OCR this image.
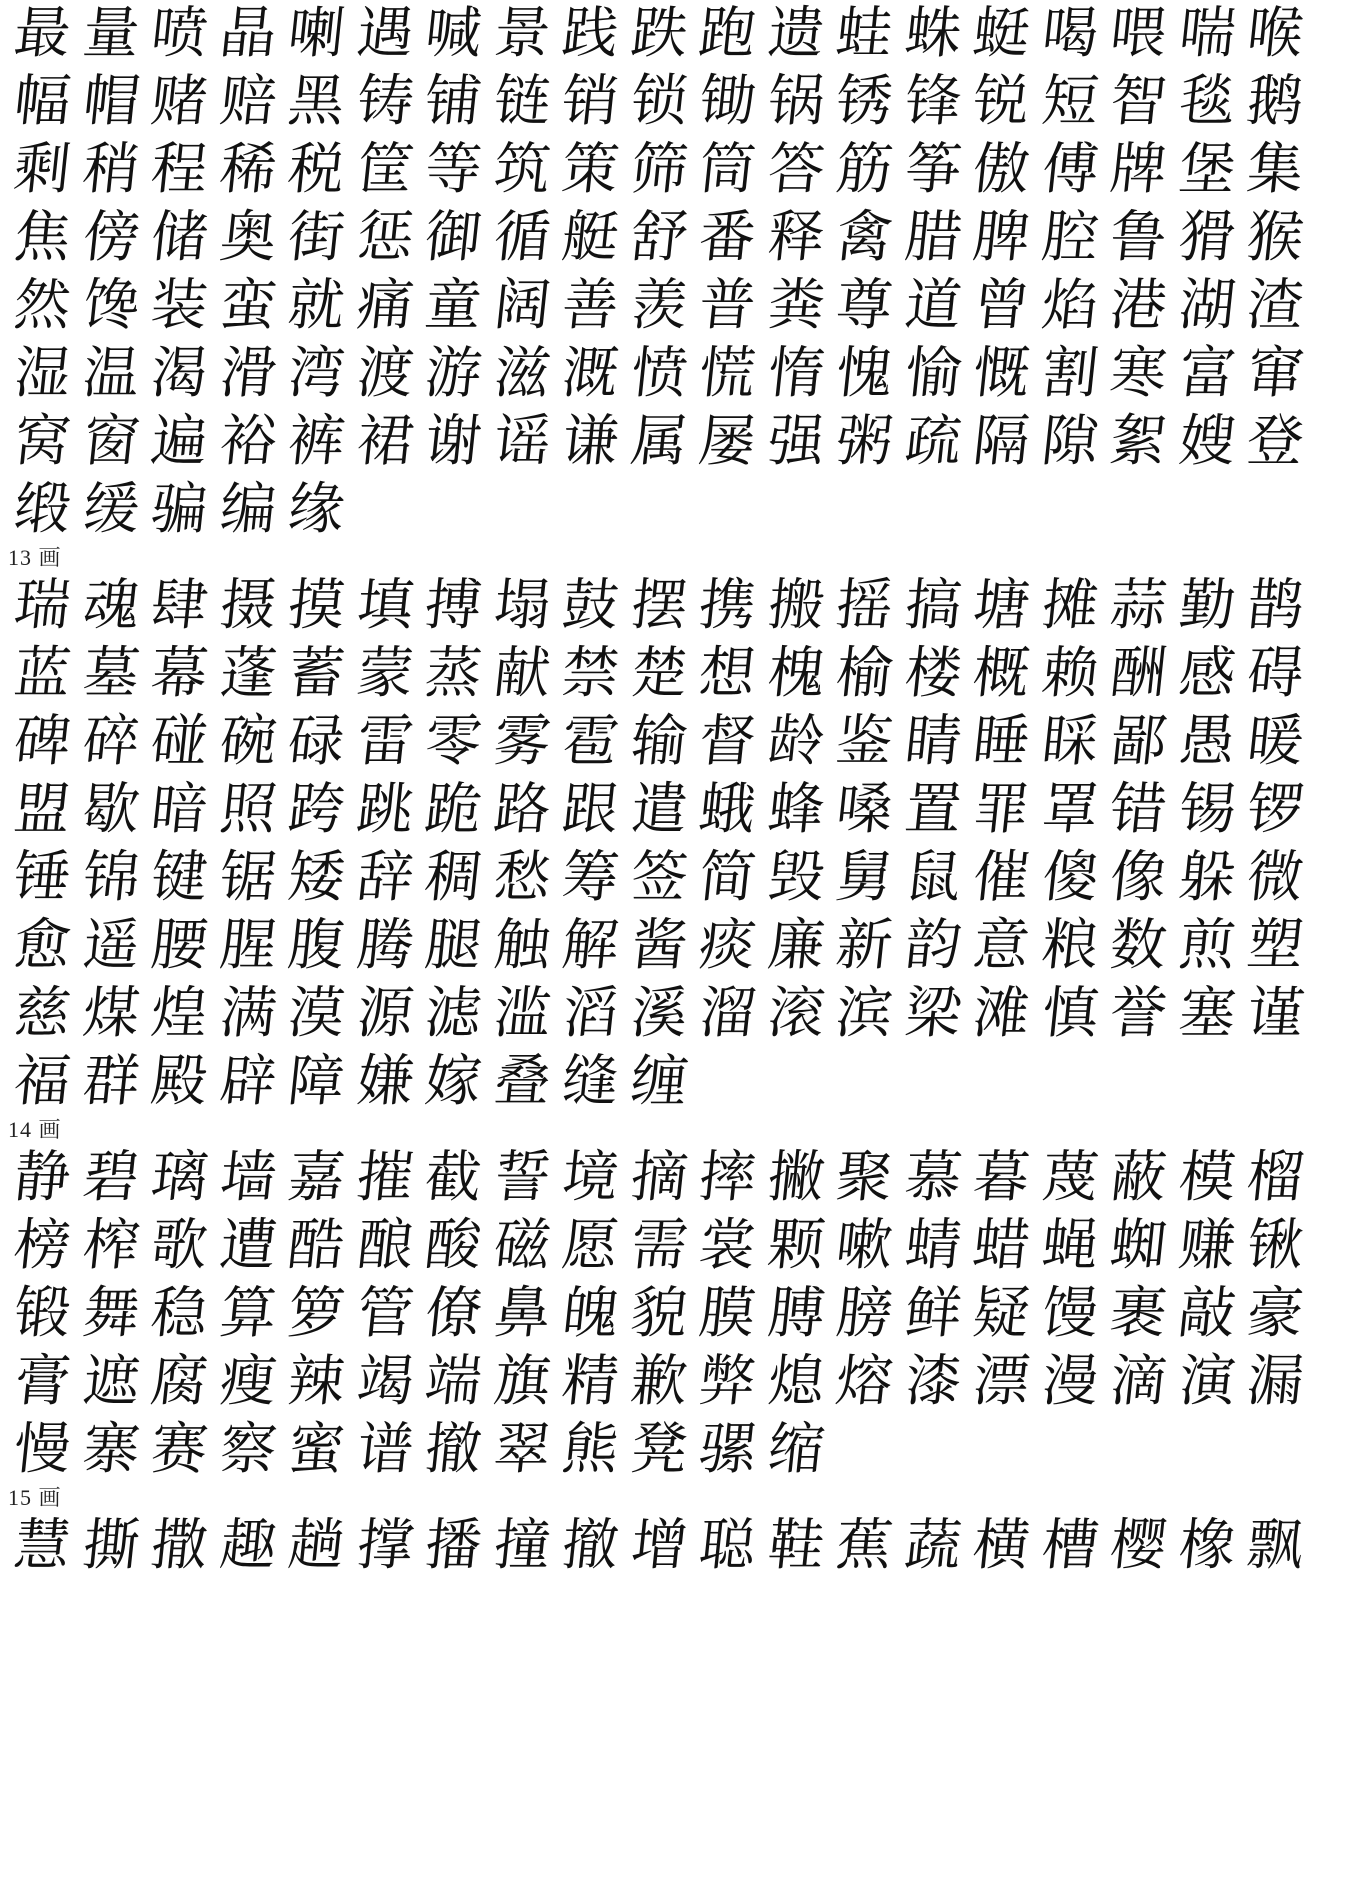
最 量 喷 晶 喇 遇 喊 景 践 跌 跑 遗 蛙 蛛 蜓 喝 喂 喘 喉
幅 帽 赌 赔 黑 铸 铺 链 销 锁 锄 锅 锈 锋 锐 短 智 毯 鹅
剩 稍 程 稀 税 筐 等 筑 策 筛 筒 答 筋 筝 傲 傅 牌 堡 集
焦 傍 储 奥 街 惩 御 循 艇 舒 番 释 禽 腊 脾 腔 鲁 猾 猴
然 馋 装 蛮 就 痛 童 阔 善 羡 普 粪 尊 道 曾 焰 港 湖 渣
湿 温 渴 滑 湾 渡 游 滋 溉 愤 慌 惰 愧 愉 慨 割 寒 富 窜
窝 窗 遍 裕 裤 裙 谢 谣 谦 属 屡 强 粥 疏 隔 隙 絮 嫂 登
缎 缓 骗 编 缘
13 画
瑞 魂 肆 摄 摸 填 搏 塌 鼓 摆 携 搬 摇 搞 塘 摊 蒜 勤 鹊
蓝 墓 幕 蓬 蓄 蒙 蒸 献 禁 楚 想 槐 榆 楼 概 赖 酬 感 碍
碑 碎 碰 碗 碌 雷 零 雾 雹 输 督 龄 鉴 睛 睡 睬 鄙 愚 暖
盟 歇 暗 照 跨 跳 跪 路 跟 遣 蛾 蜂 嗓 置 罪 罩 错 锡 锣
锤 锦 键 锯 矮 辞 稠 愁 筹 签 简 毁 舅 鼠 催 傻 像 躲 微
愈 遥 腰 腥 腹 腾 腿 触 解 酱 痰 廉 新 韵 意 粮 数 煎 塑
慈 煤 煌 满 漠 源 滤 滥 滔 溪 溜 滚 滨 梁 滩 慎 誉 塞 谨
福 群 殿 辟 障 嫌 嫁 叠 缝 缠
14 画
静 碧 璃 墙 嘉 摧 截 誓 境 摘 摔 撇 聚 慕 暮 蔑 蔽 模 榴
榜 榨 歌 遭 酷 酿 酸 磁 愿 需 裳 颗 嗽 蜻 蜡 蝇 蜘 赚 锹
锻 舞 稳 算 箩 管 僚 鼻 魄 貌 膜 膊 膀 鲜 疑 馒 裹 敲 豪
膏 遮 腐 瘦 辣 竭 端 旗 精 歉 弊 熄 熔 漆 漂 漫 滴 演 漏
慢 寨 赛 察 蜜 谱 撤 翠 熊 凳 骡 缩
15 画
慧 撕 撒 趣 趟 撑 播 撞 撤 增 聪 鞋 蕉 蔬 横 槽 樱 橡 飘
